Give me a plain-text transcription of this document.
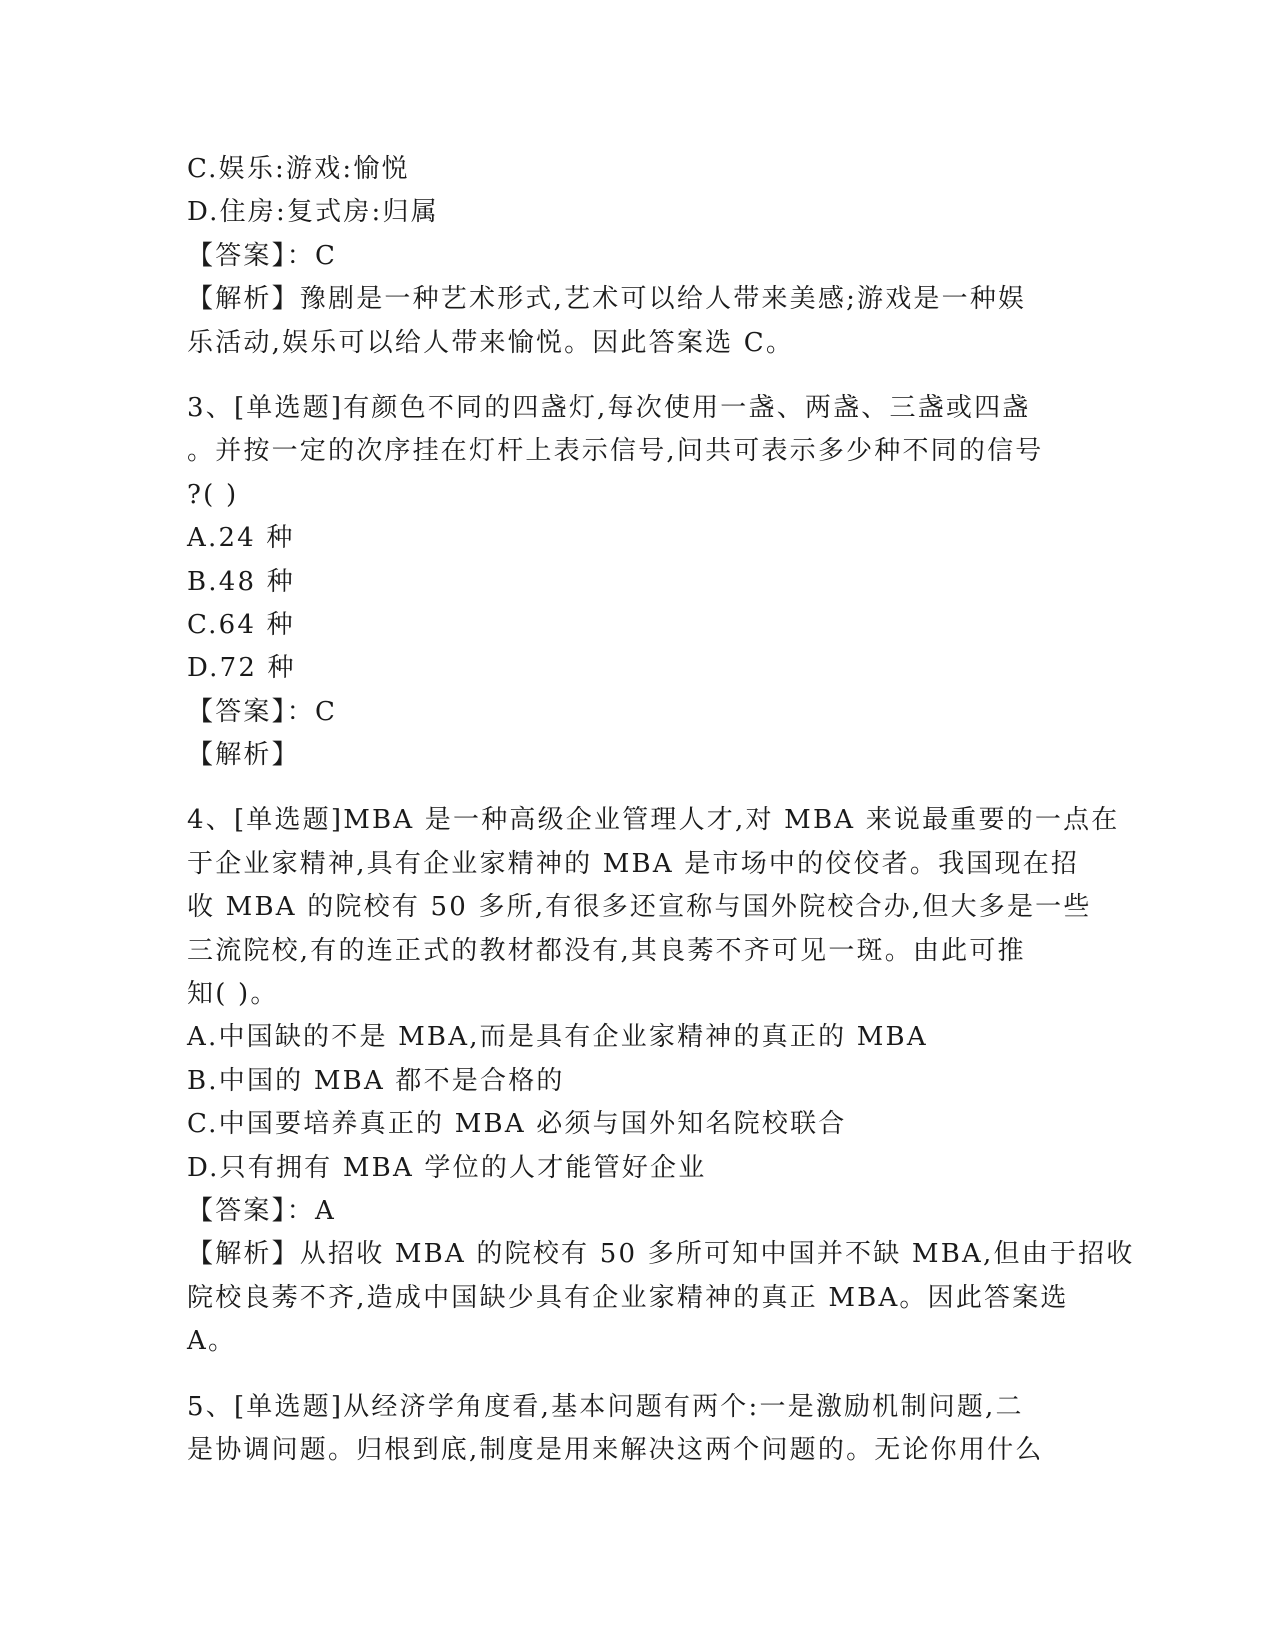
C.娱乐:游戏:愉悦
D.住房:复式房:归属
【答案】：C
【解析】豫剧是一种艺术形式,艺术可以给人带来美感;游戏是一种娱
乐活动,娱乐可以给人带来愉悦。因此答案选 C。
3、[单选题]有颜色不同的四盏灯,每次使用一盏、两盏、三盏或四盏
。并按一定的次序挂在灯杆上表示信号,问共可表示多少种不同的信号
?( )
A.24 种
B.48 种
C.64 种
D.72 种
【答案】：C
【解析】
4、[单选题]MBA 是一种高级企业管理人才,对 MBA 来说最重要的一点在
于企业家精神,具有企业家精神的 MBA 是市场中的佼佼者。我国现在招
收 MBA 的院校有 50 多所,有很多还宣称与国外院校合办,但大多是一些
三流院校,有的连正式的教材都没有,其良莠不齐可见一斑。由此可推
知( )。
A.中国缺的不是 MBA,而是具有企业家精神的真正的 MBA
B.中国的 MBA 都不是合格的
C.中国要培养真正的 MBA 必须与国外知名院校联合
D.只有拥有 MBA 学位的人才能管好企业
【答案】：A
【解析】从招收 MBA 的院校有 50 多所可知中国并不缺 MBA,但由于招收
院校良莠不齐,造成中国缺少具有企业家精神的真正 MBA。因此答案选
A。
5、[单选题]从经济学角度看,基本问题有两个:一是激励机制问题,二
是协调问题。归根到底,制度是用来解决这两个问题的。无论你用什么
